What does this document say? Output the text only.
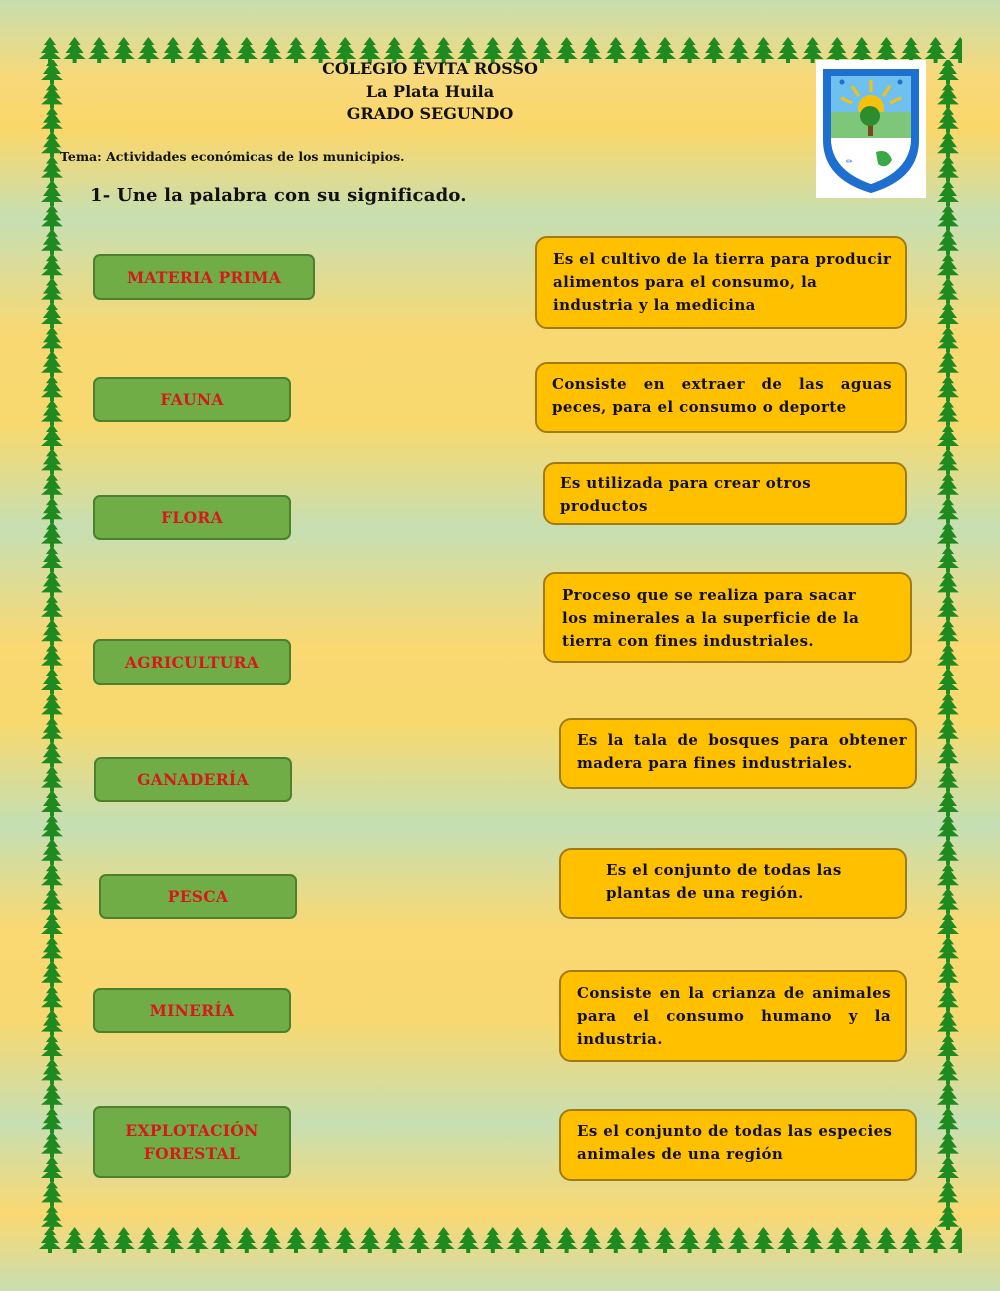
COLEGIO EVITA ROSSO
La Plata Huila
GRADO SEGUNDO
Tema: Actividades económicas de los municipios.
1- Une la palabra con su significado.
✏
MATERIA PRIMA
FAUNA
FLORA
AGRICULTURA
GANADERÍA
PESCA
MINERÍA
EXPLOTACIÓN FORESTAL
Es el cultivo de la tierra para producir alimentos para el consumo, la industria y la medicina
Consiste en extraer de las aguas peces, para el consumo o deporte
Es utilizada para crear otros productos
Proceso que se realiza para sacar los minerales a la superficie de la tierra con fines industriales.
Es la tala de bosques para obtener madera para fines industriales.
Es el conjunto de todas las plantas de una región.
Consiste en la crianza de animales para el consumo humano y la industria.
Es el conjunto de todas las especies animales de una región
